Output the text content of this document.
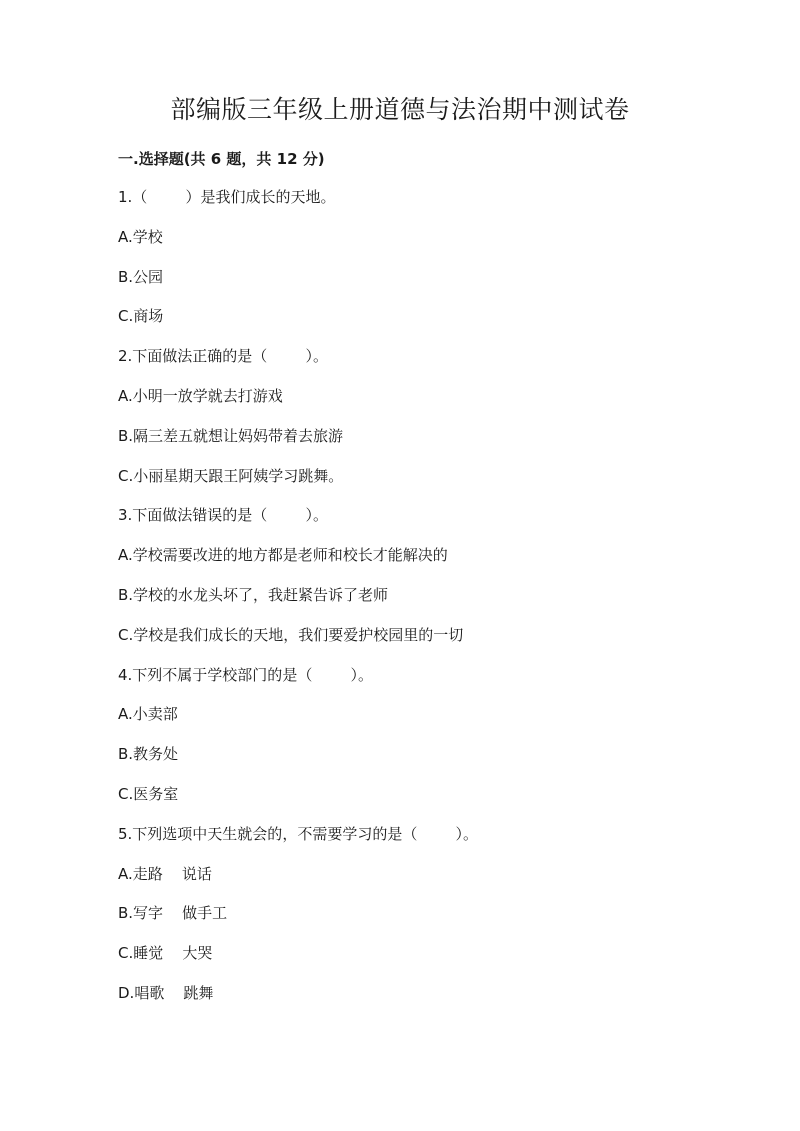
部编版三年级上册道德与法治期中测试卷
一.选择题(共 6 题，共 12 分)
1.（        ）是我们成长的天地。
A.学校
B.公园
C.商场
2.下面做法正确的是（        ）。
A.小明一放学就去打游戏
B.隔三差五就想让妈妈带着去旅游
C.小丽星期天跟王阿姨学习跳舞。
3.下面做法错误的是（        ）。
A.学校需要改进的地方都是老师和校长才能解决的
B.学校的水龙头坏了，我赶紧告诉了老师
C.学校是我们成长的天地，我们要爱护校园里的一切
4.下列不属于学校部门的是（        ）。
A.小卖部
B.教务处
C.医务室
5.下列选项中天生就会的，不需要学习的是（        ）。
A.走路    说话
B.写字    做手工
C.睡觉    大哭
D.唱歌    跳舞
